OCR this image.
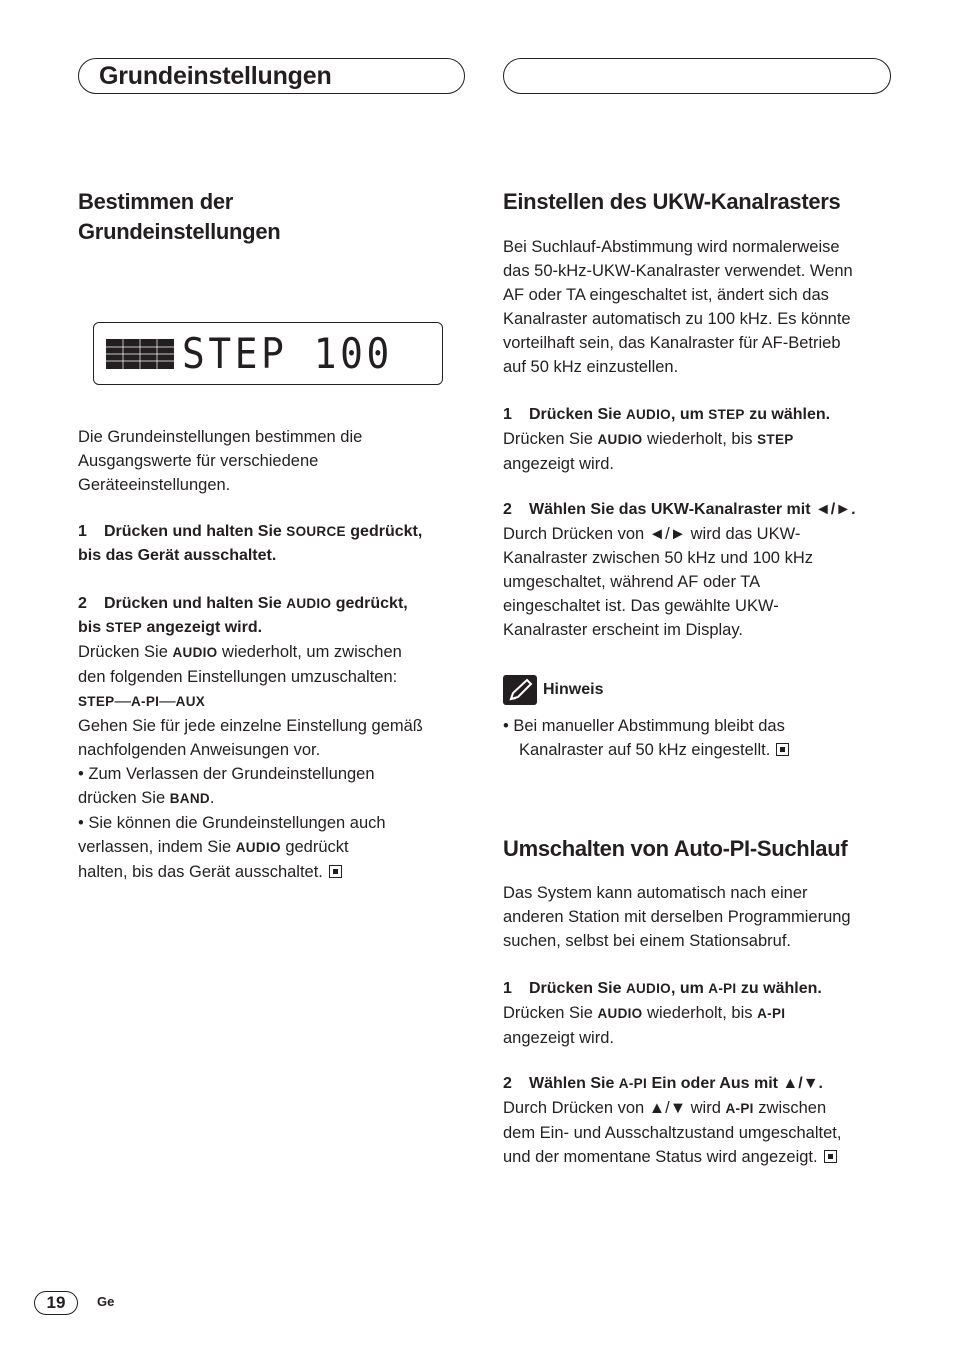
Grundeinstellungen
Bestimmen der
Grundeinstellungen
STEP 100

Die Grundeinstellungen bestimmen die

Ausgangswerte für verschiedene

Geräteeinstellungen.

1 Drücken und halten Sie SOURCE gedrückt,

bis das Gerät ausschaltet.

2 Drücken und halten Sie AUDIO gedrückt,

bis STEP angezeigt wird.

Drücken Sie AUDIO wiederholt, um zwischen

den folgenden Einstellungen umzuschalten:

STEP—A-PI—AUX

Gehen Sie für jede einzelne Einstellung gemäß

nachfolgenden Anweisungen vor.

• Zum Verlassen der Grundeinstellungen

drücken Sie BAND.

• Sie können die Grundeinstellungen auch

verlassen, indem Sie AUDIO gedrückt

halten, bis das Gerät ausschaltet.

Einstellen des UKW-Kanalrasters

Bei Suchlauf-Abstimmung wird normalerweise

das 50-kHz-UKW-Kanalraster verwendet. Wenn

AF oder TA eingeschaltet ist, ändert sich das

Kanalraster automatisch zu 100 kHz. Es könnte

vorteilhaft sein, das Kanalraster für AF-Betrieb

auf 50 kHz einzustellen.

1 Drücken Sie AUDIO, um STEP zu wählen.

Drücken Sie AUDIO wiederholt, bis STEP

angezeigt wird.

2 Wählen Sie das UKW-Kanalraster mit ◄/►.

Durch Drücken von ◄/► wird das UKW-

Kanalraster zwischen 50 kHz und 100 kHz

umgeschaltet, während AF oder TA

eingeschaltet ist. Das gewählte UKW-

Kanalraster erscheint im Display.

Hinweis

• Bei manueller Abstimmung bleibt das

Kanalraster auf 50 kHz eingestellt.

Umschalten von Auto-PI-Suchlauf

Das System kann automatisch nach einer

anderen Station mit derselben Programmierung

suchen, selbst bei einem Stationsabruf.

1 Drücken Sie AUDIO, um A-PI zu wählen.

Drücken Sie AUDIO wiederholt, bis A-PI

angezeigt wird.

2 Wählen Sie A-PI Ein oder Aus mit ▲/▼.

Durch Drücken von ▲/▼ wird A-PI zwischen

dem Ein- und Ausschaltzustand umgeschaltet,

und der momentane Status wird angezeigt.

19	Ge
